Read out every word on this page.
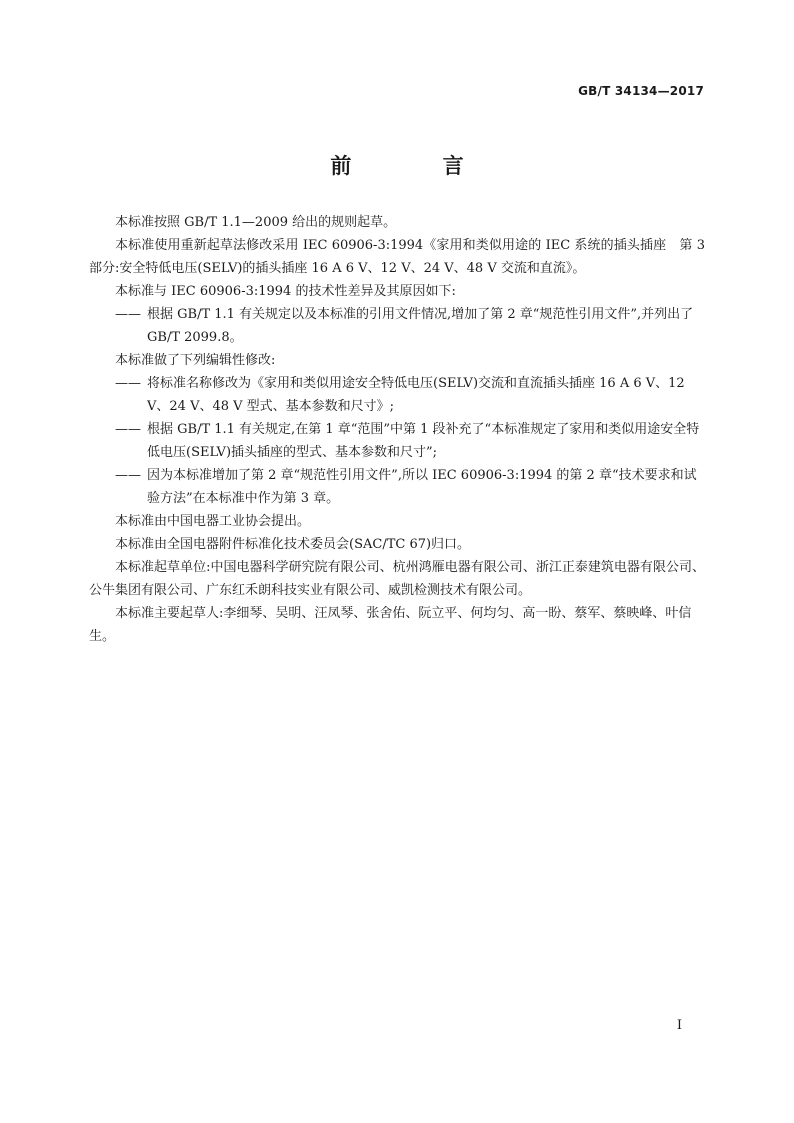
GB/T 34134—2017
前 言

本标准按照 GB/T 1.1—2009 给出的规则起草。

本标准使用重新起草法修改采用 IEC 60906-3:1994《家用和类似用途的 IEC 系统的插头插座　第 3 部分:安全特低电压(SELV)的插头插座 16 A 6 V、12 V、24 V、48 V 交流和直流》。

本标准与 IEC 60906-3:1994 的技术性差异及其原因如下:

—— 根据 GB/T 1.1 有关规定以及本标准的引用文件情况,增加了第 2 章“规范性引用文件”,并列出了 GB/T 2099.8。

本标准做了下列编辑性修改:

—— 将标准名称修改为《家用和类似用途安全特低电压(SELV)交流和直流插头插座 16 A 6 V、12 V、24 V、48 V 型式、基本参数和尺寸》;
—— 根据 GB/T 1.1 有关规定,在第 1 章“范围”中第 1 段补充了“本标准规定了家用和类似用途安全特低电压(SELV)插头插座的型式、基本参数和尺寸”;
—— 因为本标准增加了第 2 章“规范性引用文件”,所以 IEC 60906-3:1994 的第 2 章“技术要求和试验方法”在本标准中作为第 3 章。

本标准由中国电器工业协会提出。

本标准由全国电器附件标准化技术委员会(SAC/TC 67)归口。

本标准起草单位:中国电器科学研究院有限公司、杭州鸿雁电器有限公司、浙江正泰建筑电器有限公司、公牛集团有限公司、广东红禾朗科技实业有限公司、威凯检测技术有限公司。

本标准主要起草人:李细琴、吴明、汪凤琴、张舍佑、阮立平、何均匀、高一盼、蔡军、蔡映峰、叶信生。

I
